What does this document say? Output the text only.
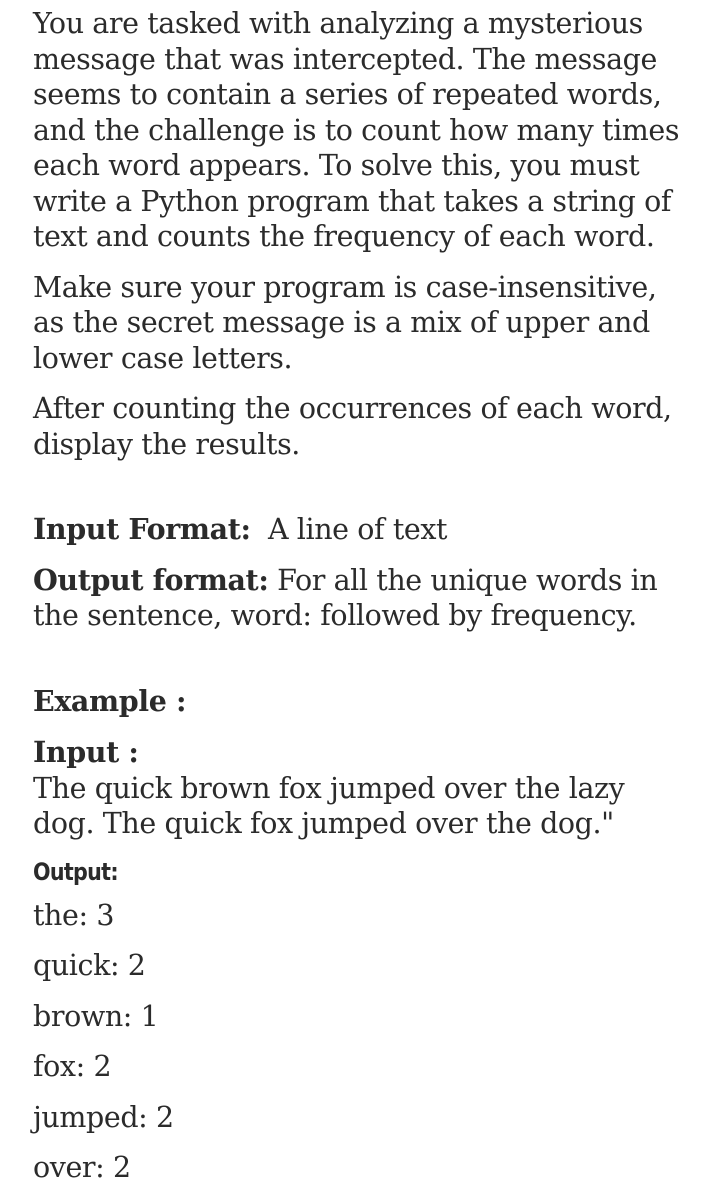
You are tasked with analyzing a mysterious message that was intercepted. The message seems to contain a series of repeated words, and the challenge is to count how many times each word appears. To solve this, you must write a Python program that takes a string of text and counts the frequency of each word.

Make sure your program is case-insensitive, as the secret message is a mix of upper and lower case letters.

After counting the occurrences of each word, display the results.

Input Format: A line of text

Output format: For all the unique words in the sentence, word: followed by frequency.

Example :

Input :

The quick brown fox jumped over the lazy dog. The quick fox jumped over the dog."

Output:
the: 3
quick: 2
brown: 1
fox: 2
jumped: 2
over: 2
